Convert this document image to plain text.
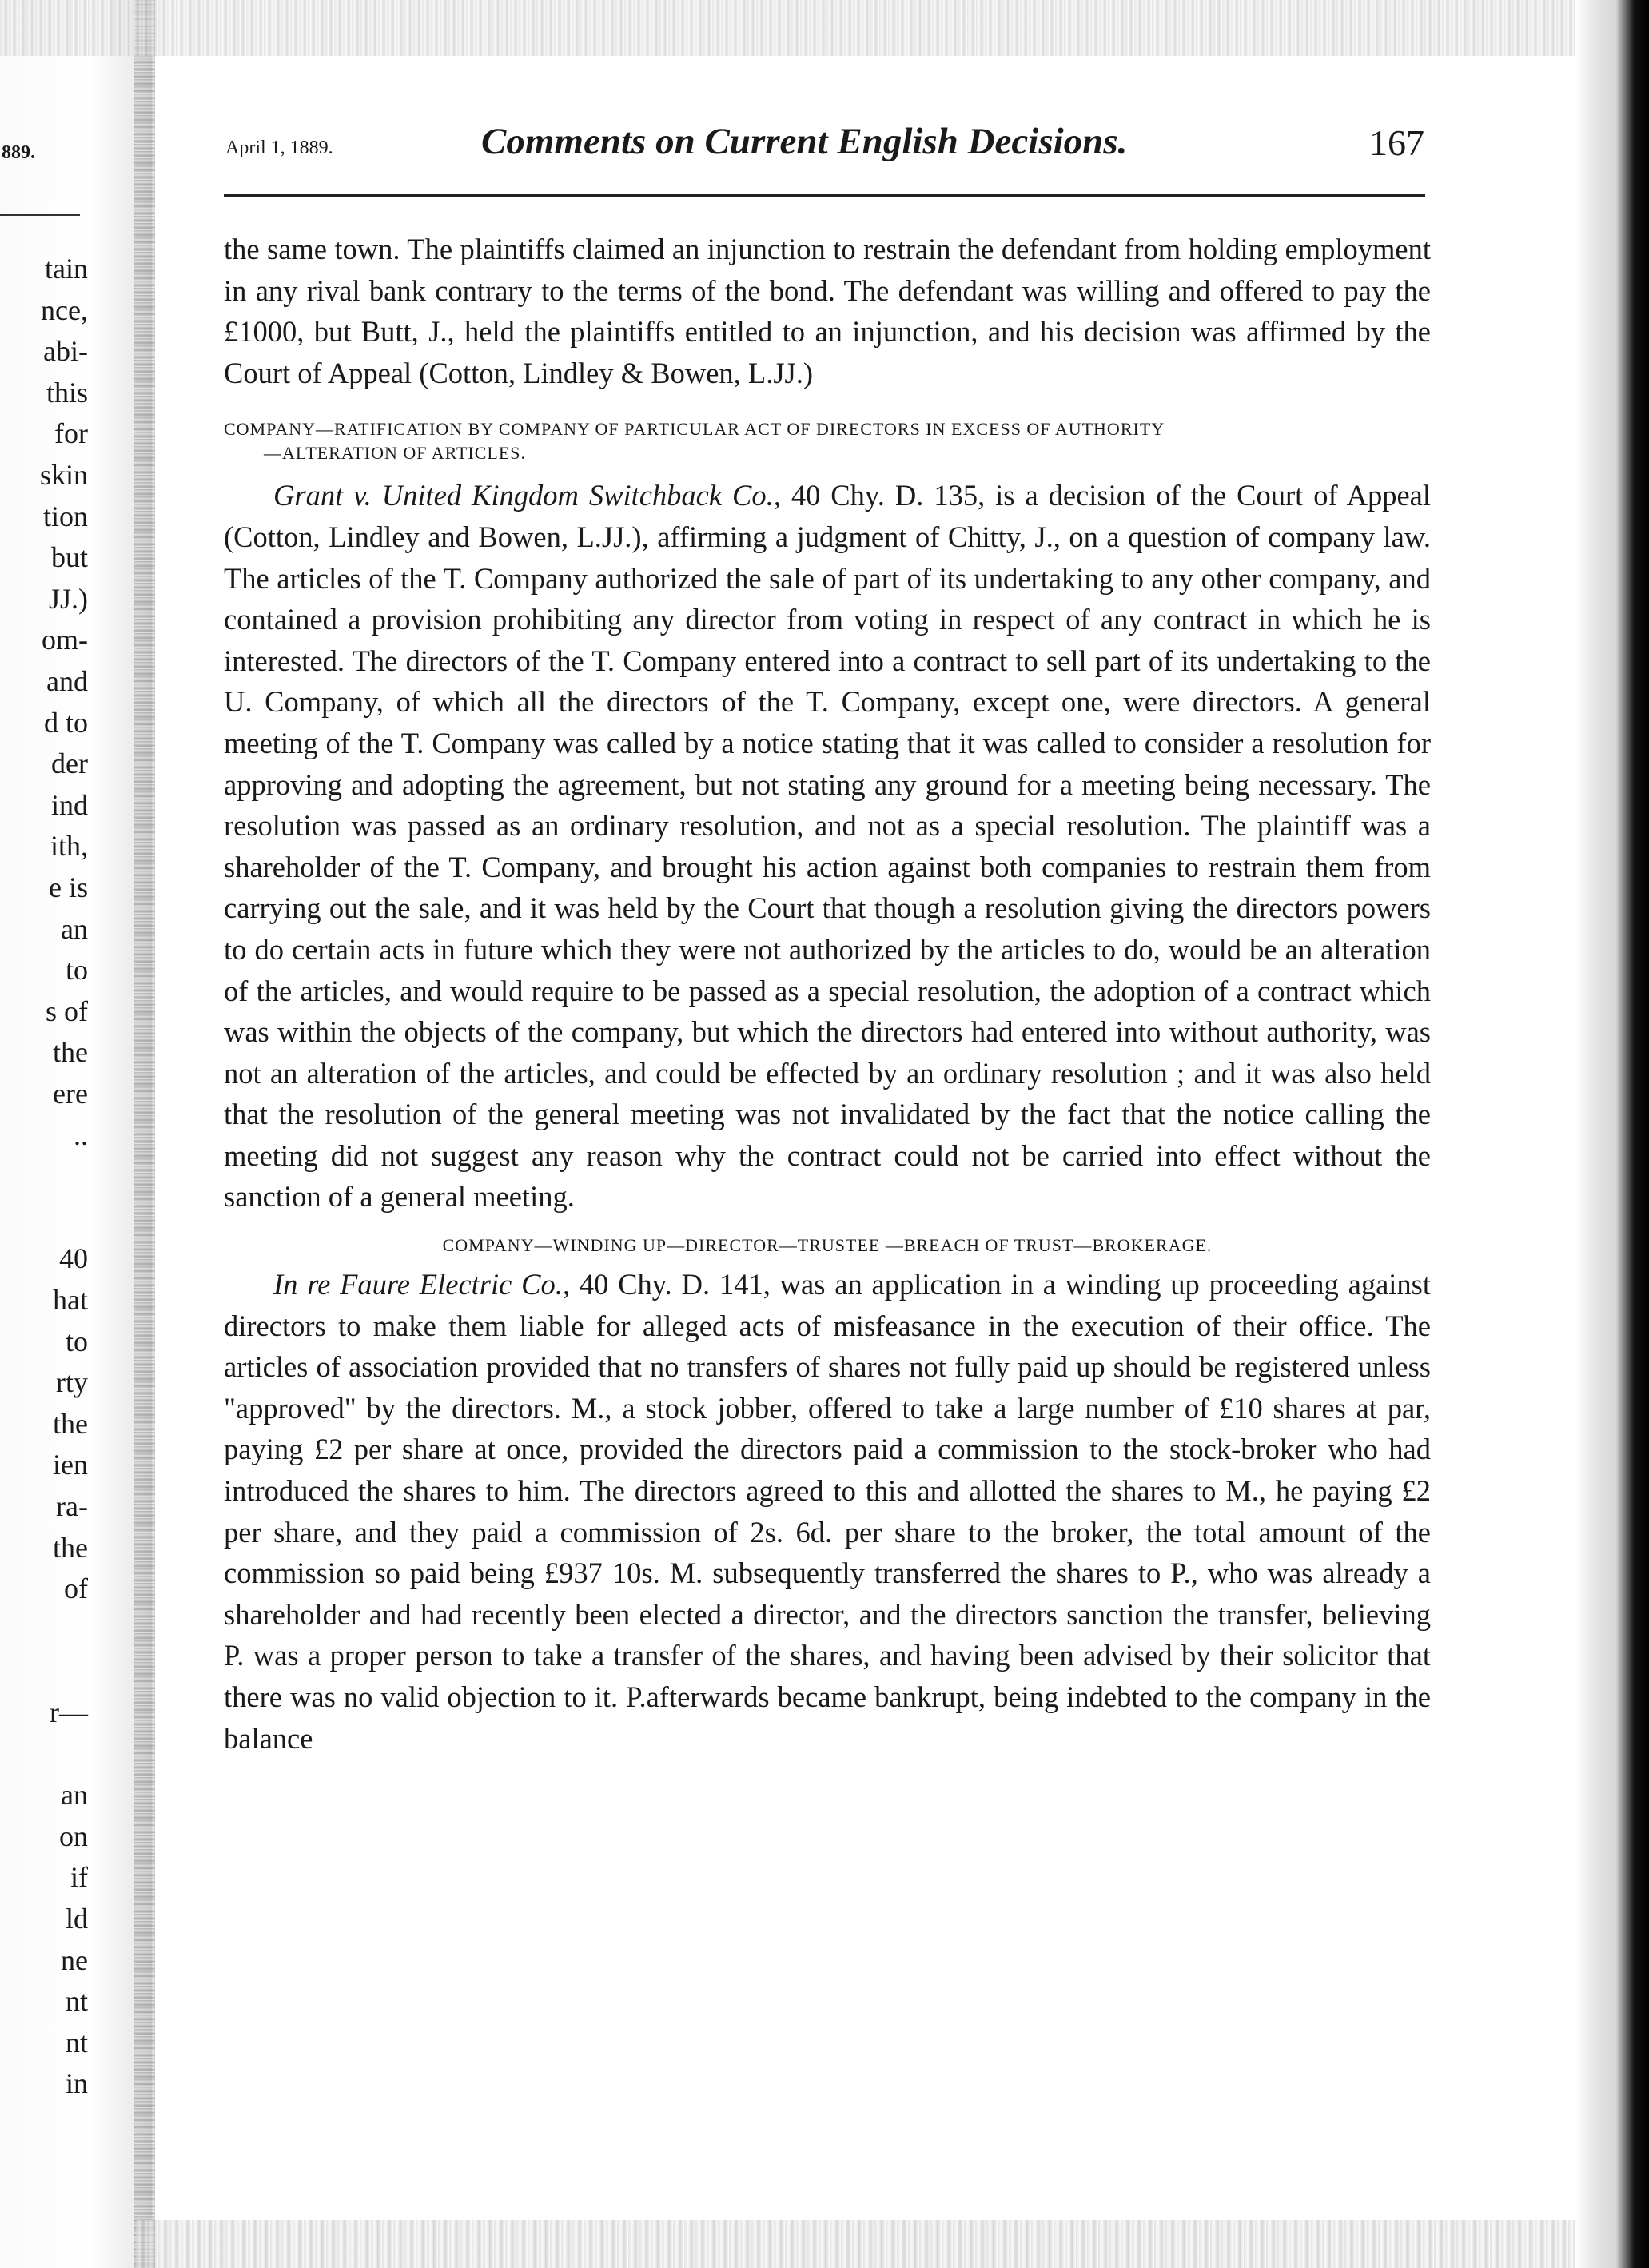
889.

tain

nce,

abi-

this

for

skin

tion

but

JJ.)

om-

and

d to

der

ind

ith,

e is

an

to

s of

the

ere

..

40

hat

to

rty

the

ien

ra-

the

of

r—

an

on

if

ld

ne

nt

nt

in

April 1, 1889.	Comments on Current English Decisions.	167

the same town. The plaintiffs claimed an injunction to restrain the defendant from holding employment in any rival bank contrary to the terms of the bond. The defendant was willing and offered to pay the £1000, but Butt, J., held the plaintiffs entitled to an injunction, and his decision was affirmed by the Court of Appeal (Cotton, Lindley & Bowen, L.JJ.)

COMPANY—RATIFICATION BY COMPANY OF PARTICULAR ACT OF DIRECTORS IN EXCESS OF AUTHORITY

—ALTERATION OF ARTICLES.

Grant v. United Kingdom Switchback Co., 40 Chy. D. 135, is a decision of the Court of Appeal (Cotton, Lindley and Bowen, L.JJ.), affirming a judgment of Chitty, J., on a question of company law. The articles of the T. Company authorized the sale of part of its undertaking to any other company, and contained a provision prohibiting any director from voting in respect of any contract in which he is interested. The directors of the T. Company entered into a contract to sell part of its undertaking to the U. Company, of which all the directors of the T. Company, except one, were directors. A general meeting of the T. Company was called by a notice stating that it was called to consider a resolution for approving and adopting the agreement, but not stating any ground for a meeting being necessary. The resolution was passed as an ordinary resolution, and not as a special resolution. The plaintiff was a shareholder of the T. Company, and brought his action against both companies to restrain them from carrying out the sale, and it was held by the Court that though a resolution giving the directors powers to do certain acts in future which they were not authorized by the articles to do, would be an alteration of the articles, and would require to be passed as a special resolution, the adoption of a contract which was within the objects of the company, but which the directors had entered into without authority, was not an alteration of the articles, and could be effected by an ordinary resolution ; and it was also held that the resolution of the general meeting was not invalidated by the fact that the notice calling the meeting did not suggest any reason why the contract could not be carried into effect without the sanction of a general meeting.

COMPANY—WINDING UP—DIRECTOR—TRUSTEE —BREACH OF TRUST—BROKERAGE.

In re Faure Electric Co., 40 Chy. D. 141, was an application in a winding up proceeding against directors to make them liable for alleged acts of misfeasance in the execution of their office. The articles of association provided that no transfers of shares not fully paid up should be registered unless "approved" by the directors. M., a stock jobber, offered to take a large number of £10 shares at par, paying £2 per share at once, provided the directors paid a commission to the stock-broker who had introduced the shares to him. The directors agreed to this and allotted the shares to M., he paying £2 per share, and they paid a commission of 2s. 6d. per share to the broker, the total amount of the commission so paid being £937 10s. M. subsequently transferred the shares to P., who was already a shareholder and had recently been elected a director, and the directors sanction the transfer, believing P. was a proper person to take a transfer of the shares, and having been advised by their solicitor that there was no valid objection to it. P.afterwards became bankrupt, being indebted to the company in the balance
